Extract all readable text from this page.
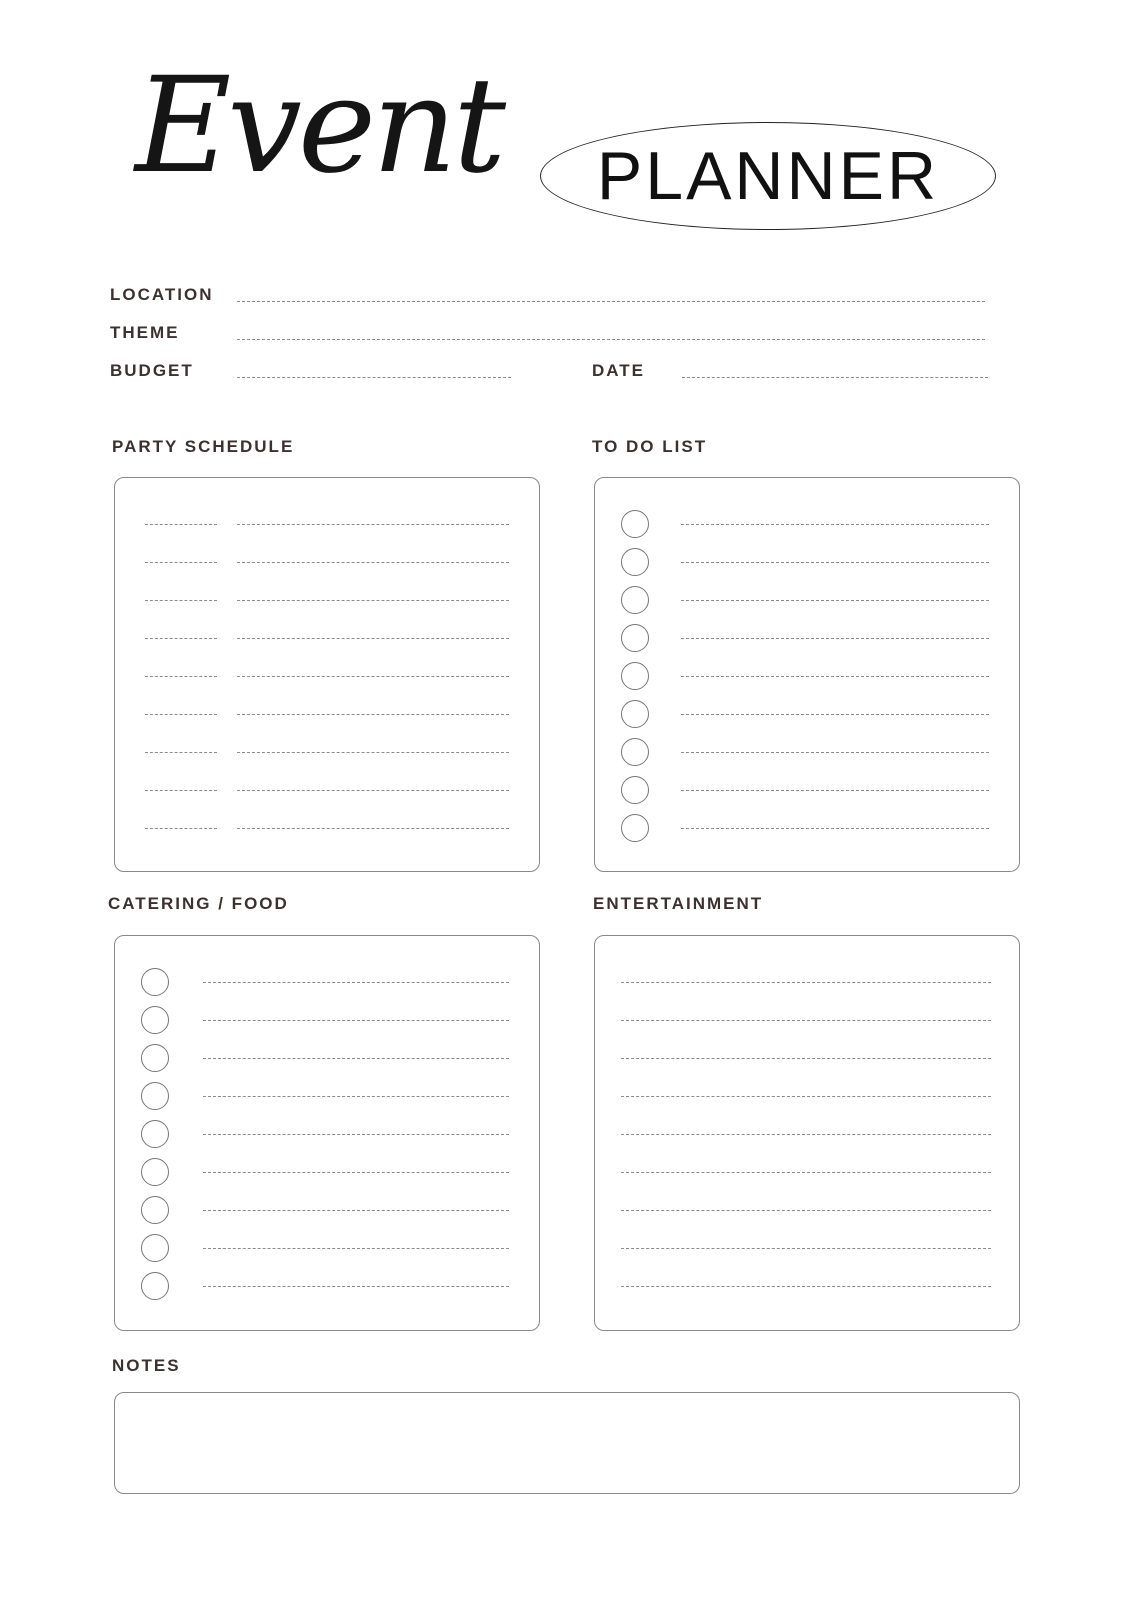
Event PLANNER
LOCATION
THEME
BUDGET	DATE
PARTY SCHEDULE	TO DO LIST
CATERING / FOOD	ENTERTAINMENT
NOTES
